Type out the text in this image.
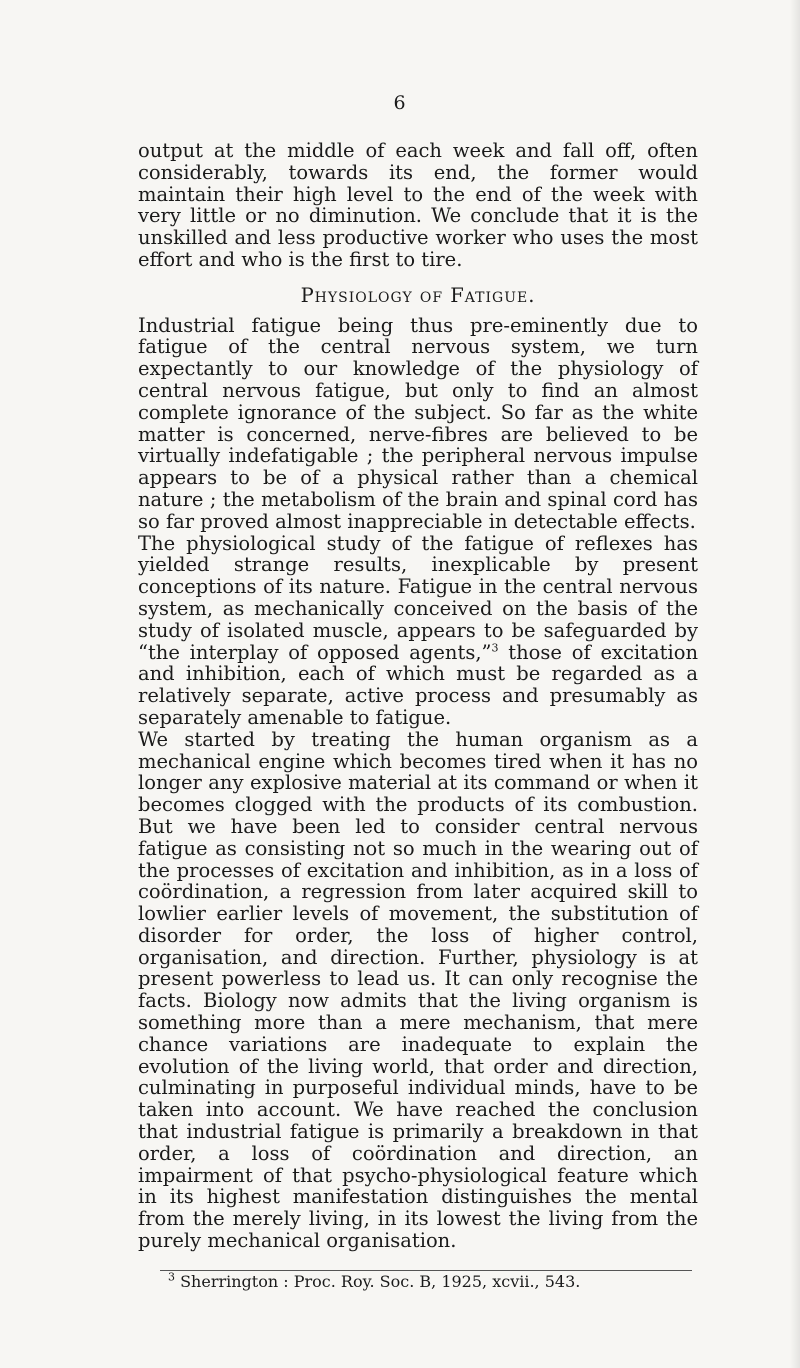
6

output at the middle of each week and fall off, often considerably, towards its end, the former would maintain their high level to the end of the week with very little or no diminution. We conclude that it is the unskilled and less productive worker who uses the most effort and who is the first to tire.

Physiology of Fatigue.

Industrial fatigue being thus pre-eminently due to fatigue of the central nervous system, we turn expectantly to our knowledge of the physiology of central nervous fatigue, but only to find an almost complete ignorance of the subject. So far as the white matter is concerned, nerve-fibres are believed to be virtually indefatigable ; the peripheral nervous impulse appears to be of a physical rather than a chemical nature ; the metabolism of the brain and spinal cord has so far proved almost inappreciable in detectable effects.

The physiological study of the fatigue of reflexes has yielded strange results, inexplicable by present conceptions of its nature. Fatigue in the central nervous system, as mechanically conceived on the basis of the study of isolated muscle, appears to be safeguarded by “the interplay of opposed agents,”$^3$ those of excitation and inhibition, each of which must be regarded as a relatively separate, active process and presumably as separately amenable to fatigue.

We started by treating the human organism as a mechanical engine which becomes tired when it has no longer any explosive material at its command or when it becomes clogged with the products of its combustion. But we have been led to consider central nervous fatigue as consisting not so much in the wearing out of the processes of excitation and inhibition, as in a loss of coördination, a regression from later acquired skill to lowlier earlier levels of movement, the substitution of disorder for order, the loss of higher control, organisation, and direction. Further, physiology is at present powerless to lead us. It can only recognise the facts. Biology now admits that the living organism is something more than a mere mechanism, that mere chance variations are inadequate to explain the evolution of the living world, that order and direction, culminating in purposeful individual minds, have to be taken into account. We have reached the conclusion that industrial fatigue is primarily a breakdown in that order, a loss of coördination and direction, an impairment of that psycho-physiological feature which in its highest manifestation distinguishes the mental from the merely living, in its lowest the living from the purely mechanical organisation.

$^3$ Sherrington : Proc. Roy. Soc. B, 1925, xcvii., 543.
